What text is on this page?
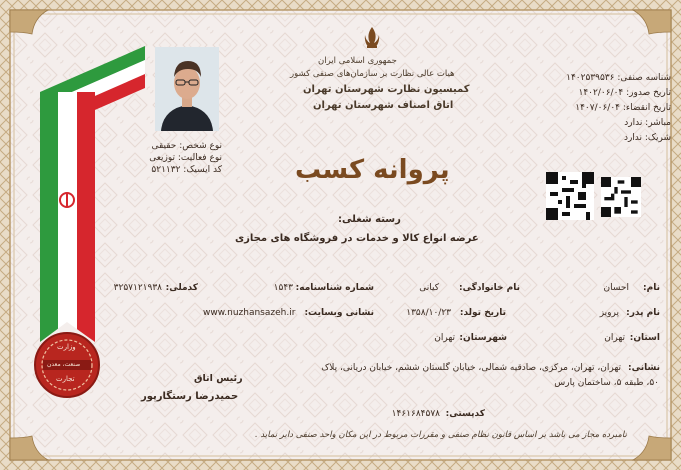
وزارت
صنعت، معدن
تجارت
جمهوری اسلامی ایران
هیات عالی نظارت بر سازمان‌های صنفی کشور
کمیسیون نظارت شهرستان تهران
اتاق اصناف شهرستان تهران
پروانه کسب
شناسه صنفی: ۱۴۰۲۵۳۹۵۳۶
تاریخ صدور: ۱۴۰۲/۰۶/۰۴
تاریخ انقضاء: ۱۴۰۷/۰۶/۰۴
مباشر: ندارد
شریک: ندارد
نوع شخص: حقیقی
نوع فعالیت: توزیعی
کد ایسیک: ۵۲۱۱۳۲
رسته شغلی:
عرضه انواع کالا و خدمات در فروشگاه های مجازی
نام:
احسان
نام خانوادگی:
کیانی
شماره شناسنامه:
۱۵۴۳
کدملی:
۳۲۵۷۱۲۱۹۳۸
نام پدر:
پرویز
تاریخ تولد:
۱۳۵۸/۱۰/۲۳
نشانی وبسایت:
www.nuzhansazeh.ir
استان:
تهران
شهرستان:
تهران
نشانی:
تهران، تهران، مرکزی، صادقیه شمالی، خیابان گلستان ششم، خیابان دریانی، پلاک
۵۰، طبقه ۵، ساختمان پارس
کدپستی:
۱۴۶۱۶۸۴۵۷۸
رئیس اتاق
حمیدرضا رستگارپور
نا‌مبرده مجاز می باشد بر اساس قانون نظام صنفی و مقررات مربوط در این مکان واحد صنفی دایر نماید .
